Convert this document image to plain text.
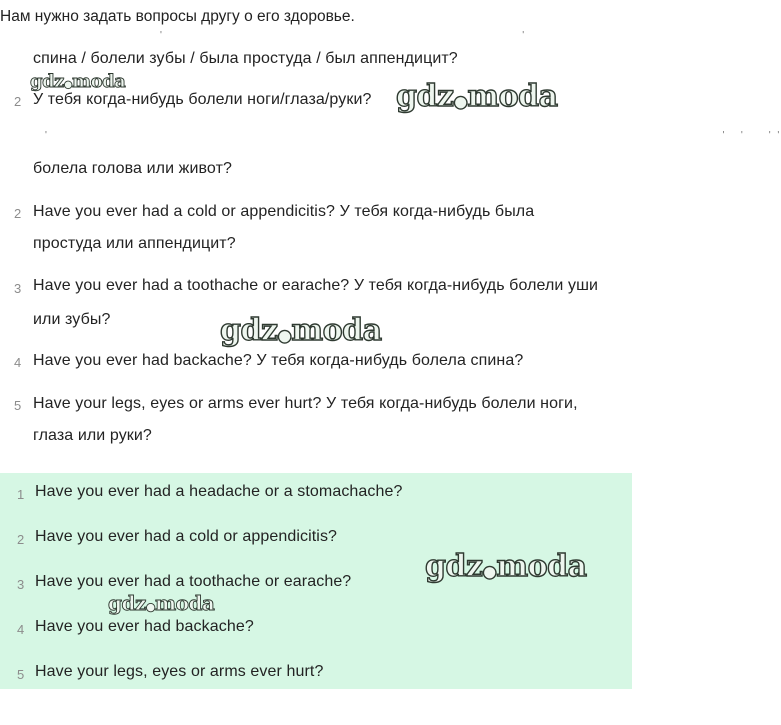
Нам нужно задать вопросы другу о его здоровье.
'                                                                           '
спина / болели зубы / была простуда / был аппендицит?
2 У тебя когда-нибудь болели ноги/глаза/руки?
'                                                                                                                                             '   '     ' '
болела голова или живот?
2 Have you ever had a cold or appendicitis? У тебя когда-нибудь была
простуда или аппендицит?
3 Have you ever had a toothache or earache? У тебя когда-нибудь болели уши
или зубы?
4 Have you ever had backache? У тебя когда-нибудь болела спина?
5 Have your legs, eyes or arms ever hurt? У тебя когда-нибудь болели ноги,
глаза или руки?
1 Have you ever had a headache or a stomachache?
2 Have you ever had a cold or appendicitis?
3 Have you ever had a toothache or earache?
4 Have you ever had backache?
5 Have your legs, eyes or arms ever hurt?
gdz●moda	gdz●moda
gdz●moda
gdz●moda
gdz●moda
